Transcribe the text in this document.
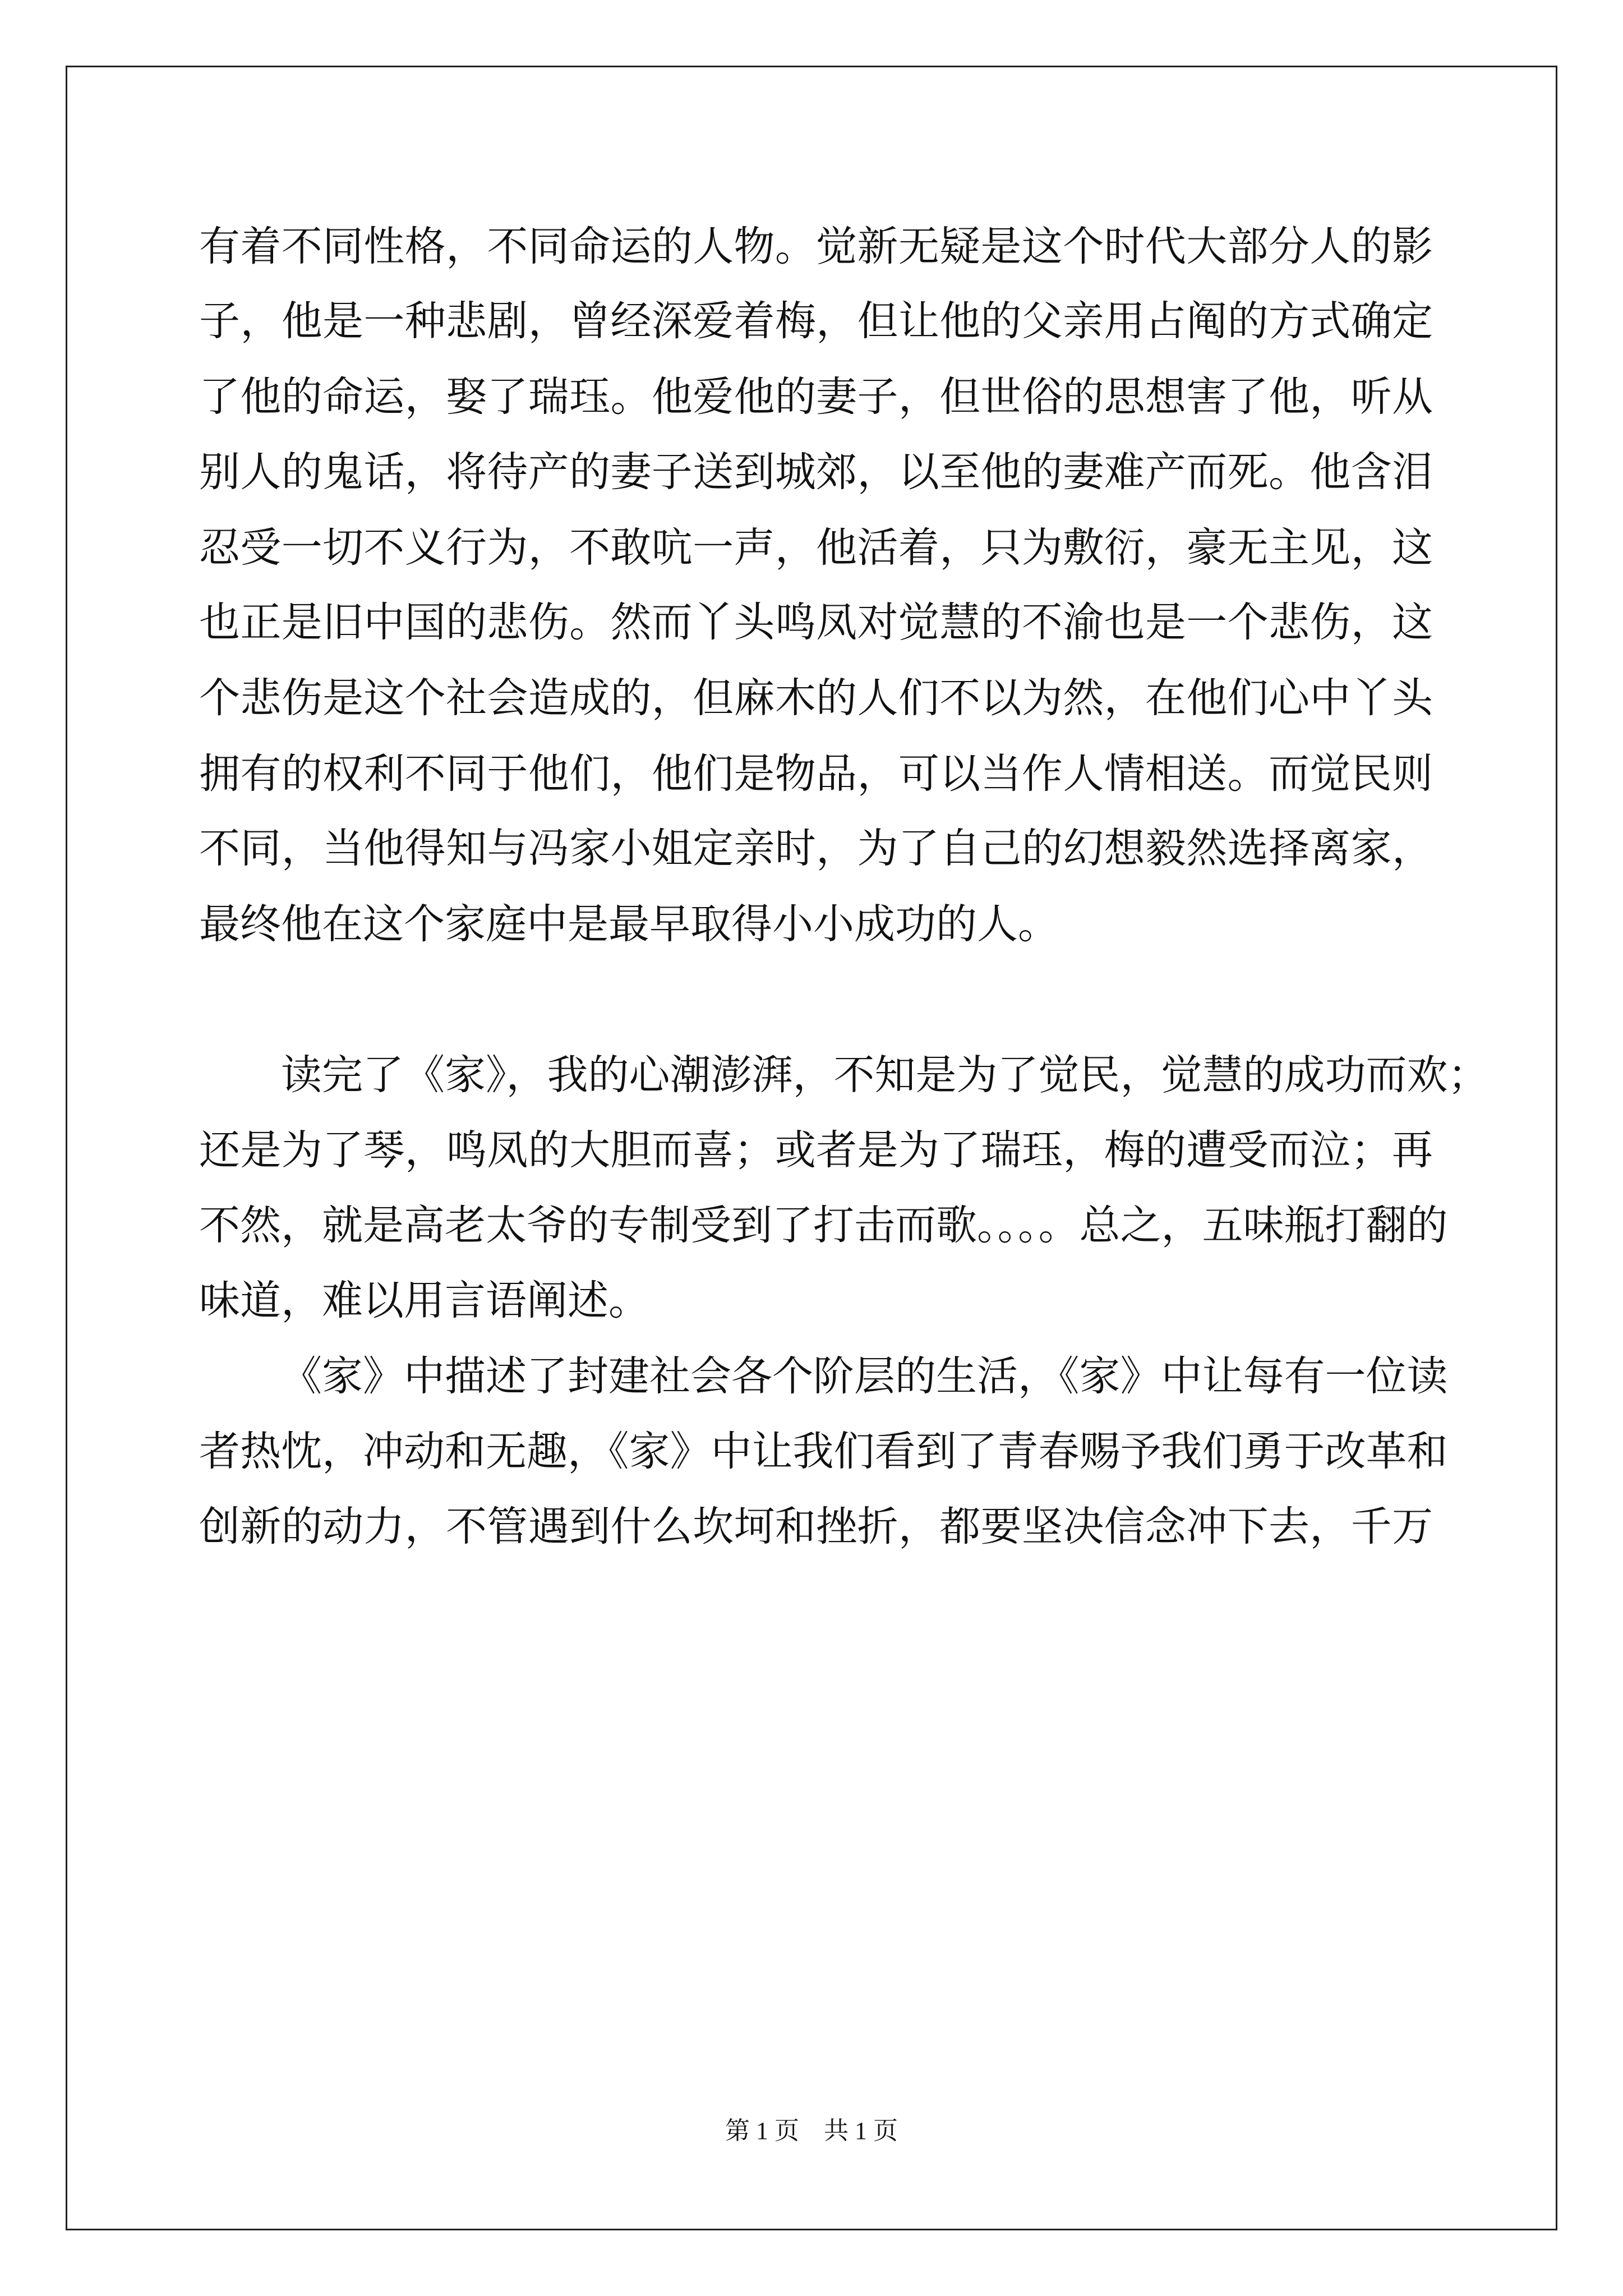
有着不同性格，不同命运的人物。觉新无疑是这个时代大部分人的影
子，他是一种悲剧，曾经深爱着梅，但让他的父亲用占阄的方式确定
了他的命运，娶了瑞珏。他爱他的妻子，但世俗的思想害了他，听从
别人的鬼话，将待产的妻子送到城郊，以至他的妻难产而死。他含泪
忍受一切不义行为，不敢吭一声，他活着，只为敷衍，豪无主见，这
也正是旧中国的悲伤。然而丫头鸣凤对觉慧的不渝也是一个悲伤，这
个悲伤是这个社会造成的，但麻木的人们不以为然，在他们心中丫头
拥有的权利不同于他们，他们是物品，可以当作人情相送。而觉民则
不同，当他得知与冯家小姐定亲时，为了自己的幻想毅然选择离家，
最终他在这个家庭中是最早取得小小成功的人。
读完了《家》，我的心潮澎湃，不知是为了觉民，觉慧的成功而欢；
还是为了琴，鸣凤的大胆而喜；或者是为了瑞珏，梅的遭受而泣；再
不然，就是高老太爷的专制受到了打击而歌。。。。总之，五味瓶打翻的
味道，难以用言语阐述。
《家》中描述了封建社会各个阶层的生活，《家》中让每有一位读
者热忱，冲动和无趣，《家》中让我们看到了青春赐予我们勇于改革和
创新的动力，不管遇到什么坎坷和挫折，都要坚决信念冲下去，千万
第 1 页　共 1 页
